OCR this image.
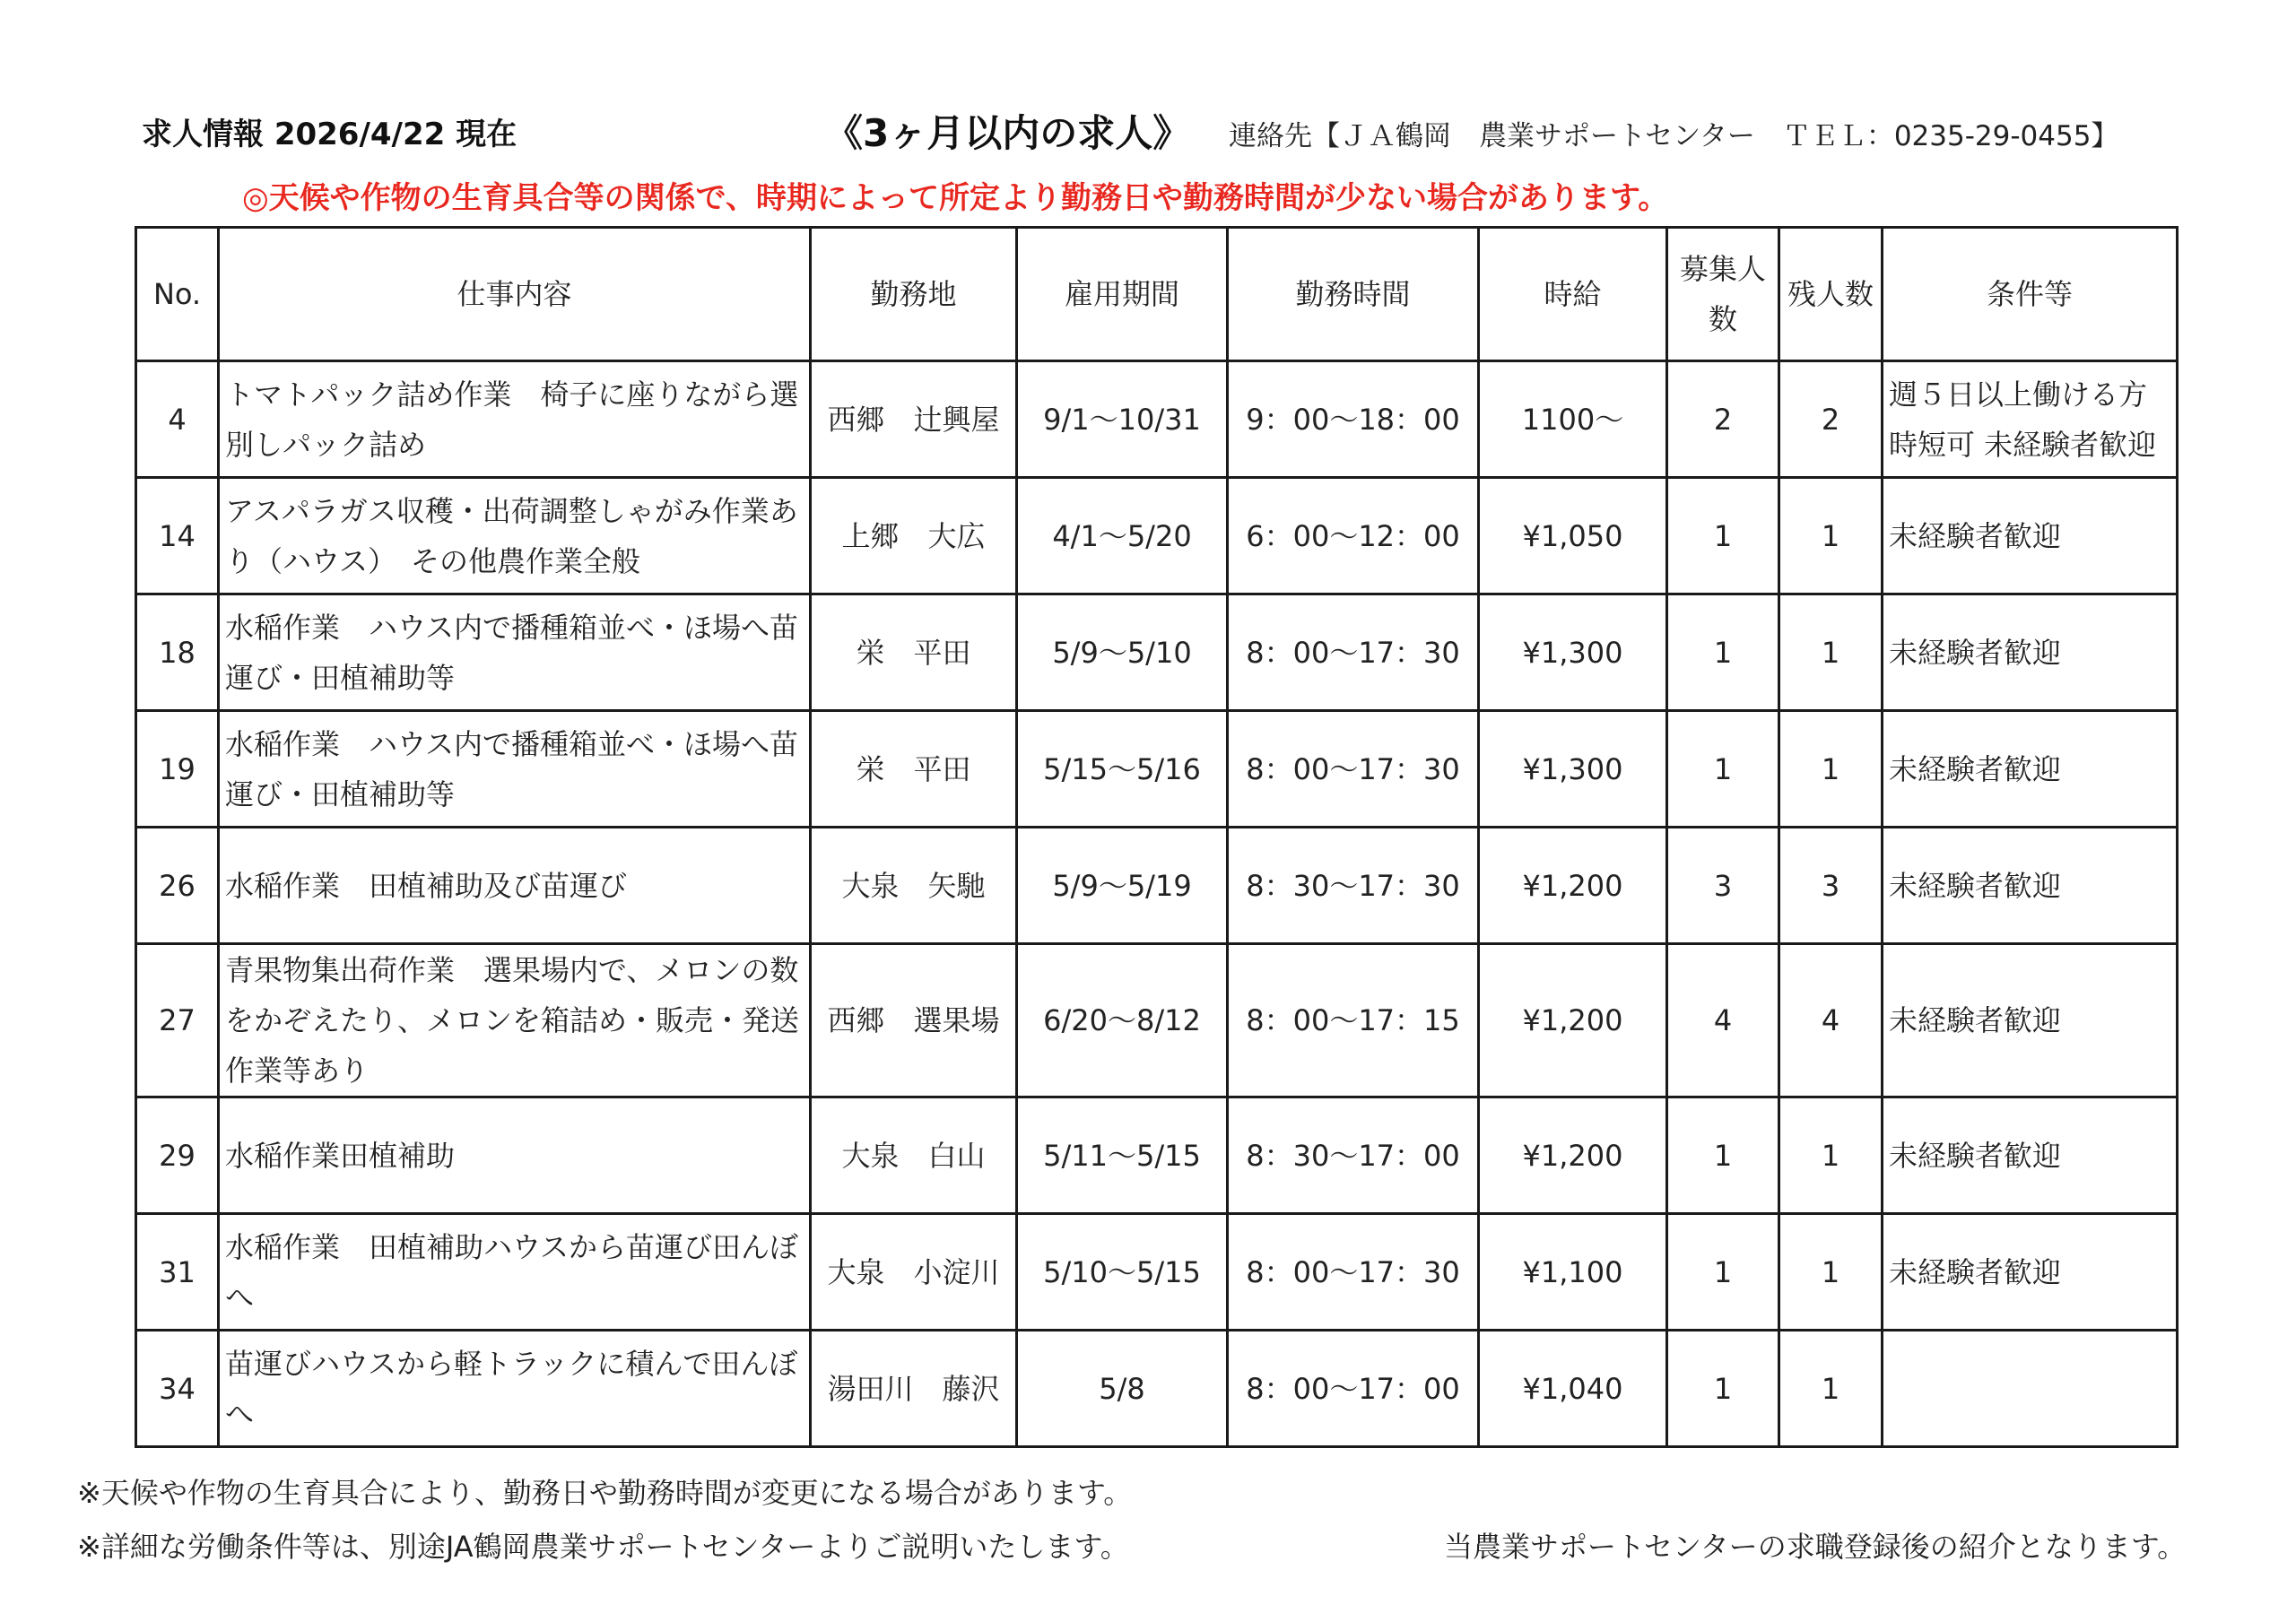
求人情報 2026/4/22 現在	《3ヶ月以内の求人》 連絡先【ＪＡ鶴岡　農業サポートセンター　ＴＥＬ：0235-29-0455】
◎天候や作物の生育具合等の関係で、時期によって所定より勤務日や勤務時間が少ない場合があります。
No.	仕事内容	勤務地	雇用期間	勤務時間	時給	募集人数	残人数	条件等
4	トマトパック詰め作業　椅子に座りながら選別しパック詰め	西郷　辻興屋	9/1～10/31	9：00～18：00	1100～	2	2	週５日以上働ける方時短可 未経験者歓迎
14	アスパラガス収穫・出荷調整しゃがみ作業あり（ハウス）　その他農作業全般	上郷　大広	4/1～5/20	6：00～12：00	¥1,050	1	1	未経験者歓迎
18	水稲作業　ハウス内で播種箱並べ・ほ場へ苗運び・田植補助等	栄　平田	5/9～5/10	8：00～17：30	¥1,300	1	1	未経験者歓迎
19	水稲作業　ハウス内で播種箱並べ・ほ場へ苗運び・田植補助等	栄　平田	5/15～5/16	8：00～17：30	¥1,300	1	1	未経験者歓迎
26	水稲作業　田植補助及び苗運び	大泉　矢馳	5/9～5/19	8：30～17：30	¥1,200	3	3	未経験者歓迎
27	青果物集出荷作業　選果場内で、メロンの数をかぞえたり、メロンを箱詰め・販売・発送作業等あり	西郷　選果場	6/20～8/12	8：00～17：15	¥1,200	4	4	未経験者歓迎
29	水稲作業田植補助	大泉　白山	5/11～5/15	8：30～17：00	¥1,200	1	1	未経験者歓迎
31	水稲作業　田植補助ハウスから苗運び田んぼへ	大泉　小淀川	5/10～5/15	8：00～17：30	¥1,100	1	1	未経験者歓迎
34	苗運びハウスから軽トラックに積んで田んぼへ	湯田川　藤沢	5/8	8：00～17：00	¥1,040	1	1	
※天候や作物の生育具合により、勤務日や勤務時間が変更になる場合があります。
※詳細な労働条件等は、別途JA鶴岡農業サポートセンターよりご説明いたします。	当農業サポートセンターの求職登録後の紹介となります。
